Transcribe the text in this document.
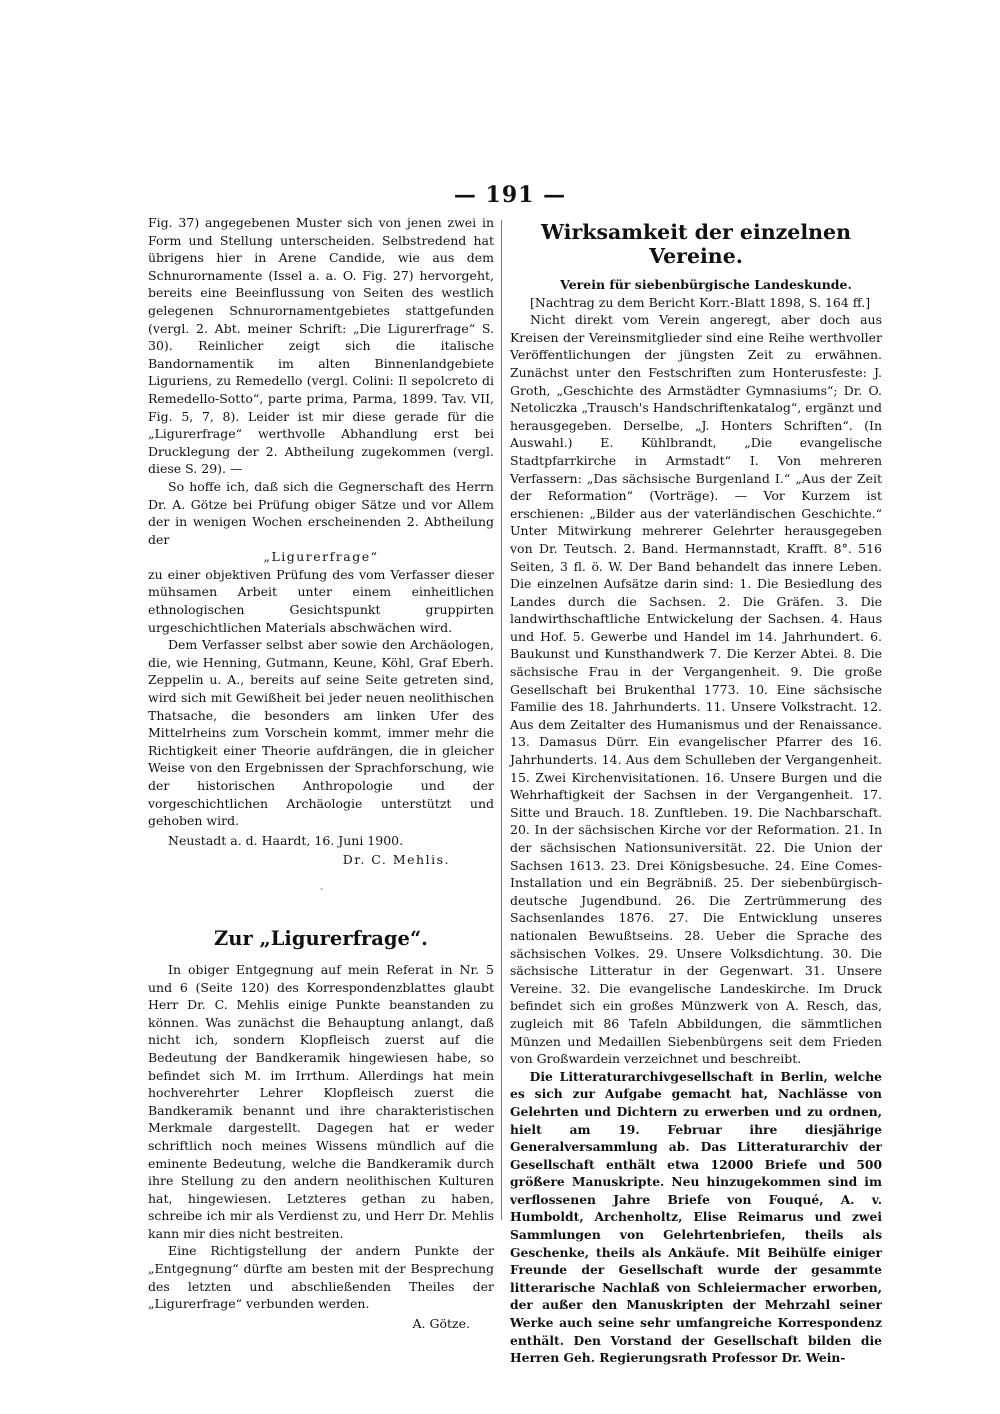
— 191 —

Fig. 37) angegebenen Muster sich von jenen zwei in Form und Stellung unterscheiden. Selbstredend hat übrigens hier in Arene Candide, wie aus dem Schnurornamente (Issel a. a. O. Fig. 27) hervorgeht, bereits eine Beeinflussung von Seiten des westlich gelegenen Schnurornamentgebietes stattgefunden (vergl. 2. Abt. meiner Schrift: „Die Ligurerfrage“ S. 30). Reinlicher zeigt sich die italische Bandornamentik im alten Binnenlandgebiete Liguriens, zu Remedello (vergl. Colini: Il sepolcreto di Remedello-Sotto“, parte prima, Parma, 1899. Tav. VII, Fig. 5, 7, 8). Leider ist mir diese gerade für die „Ligurerfrage“ werthvolle Abhandlung erst bei Drucklegung der 2. Abtheilung zugekommen (vergl. diese S. 29). —

So hoffe ich, daß sich die Gegnerschaft des Herrn Dr. A. Götze bei Prüfung obiger Sätze und vor Allem der in wenigen Wochen erscheinenden 2. Abtheilung der

„Ligurerfrage“

zu einer objektiven Prüfung des vom Verfasser dieser mühsamen Arbeit unter einem einheitlichen ethnologischen Gesichtspunkt gruppirten urgeschichtlichen Materials abschwächen wird.

Dem Verfasser selbst aber sowie den Archäologen, die, wie Henning, Gutmann, Keune, Köhl, Graf Eberh. Zeppelin u. A., bereits auf seine Seite getreten sind, wird sich mit Gewißheit bei jeder neuen neolithischen Thatsache, die besonders am linken Ufer des Mittelrheins zum Vorschein kommt, immer mehr die Richtigkeit einer Theorie aufdrängen, die in gleicher Weise von den Ergebnissen der Sprachforschung, wie der historischen Anthropologie und der vorgeschichtlichen Archäologie unterstützt und gehoben wird.

Neustadt a. d. Haardt, 16. Juni 1900.

Dr. C. Mehlis.

ˊ
Zur „Ligurerfrage“.

In obiger Entgegnung auf mein Referat in Nr. 5 und 6 (Seite 120) des Korrespondenzblattes glaubt Herr Dr. C. Mehlis einige Punkte beanstanden zu können. Was zunächst die Behauptung anlangt, daß nicht ich, sondern Klopfleisch zuerst auf die Bedeutung der Bandkeramik hingewiesen habe, so befindet sich M. im Irrthum. Allerdings hat mein hochverehrter Lehrer Klopfleisch zuerst die Bandkeramik benannt und ihre charakteristischen Merkmale dargestellt. Dagegen hat er weder schriftlich noch meines Wissens mündlich auf die eminente Bedeutung, welche die Bandkeramik durch ihre Stellung zu den andern neolithischen Kulturen hat, hingewiesen. Letzteres gethan zu haben, schreibe ich mir als Verdienst zu, und Herr Dr. Mehlis kann mir dies nicht bestreiten.

Eine Richtigstellung der andern Punkte der „Entgegnung“ dürfte am besten mit der Besprechung des letzten und abschließenden Theiles der „Ligurerfrage“ verbunden werden.

A. Götze.

Wirksamkeit der einzelnen Vereine.

Verein für siebenbürgische Landeskunde.

[Nachtrag zu dem Bericht Korr.-Blatt 1898, S. 164 ff.]

Nicht direkt vom Verein angeregt, aber doch aus Kreisen der Vereinsmitglieder sind eine Reihe werthvoller Veröffentlichungen der jüngsten Zeit zu erwähnen. Zunächst unter den Festschriften zum Honterusfeste: J. Groth, „Geschichte des Armstädter Gymnasiums“; Dr. O. Netoliczka „Trausch's Handschriftenkatalog“, ergänzt und herausgegeben. Derselbe, „J. Honters Schriften“. (In Auswahl.) E. Kühlbrandt, „Die evangelische Stadtpfarrkirche in Armstadt“ I. Von mehreren Verfassern: „Das sächsische Burgenland I.“ „Aus der Zeit der Reformation“ (Vorträge). — Vor Kurzem ist erschienen: „Bilder aus der vaterländischen Geschichte.“ Unter Mitwirkung mehrerer Gelehrter herausgegeben von Dr. Teutsch. 2. Band. Hermannstadt, Krafft. 8°. 516 Seiten, 3 fl. ö. W. Der Band behandelt das innere Leben. Die einzelnen Aufsätze darin sind: 1. Die Besiedlung des Landes durch die Sachsen. 2. Die Gräfen. 3. Die landwirthschaftliche Entwickelung der Sachsen. 4. Haus und Hof. 5. Gewerbe und Handel im 14. Jahrhundert. 6. Baukunst und Kunsthandwerk 7. Die Kerzer Abtei. 8. Die sächsische Frau in der Vergangenheit. 9. Die große Gesellschaft bei Brukenthal 1773. 10. Eine sächsische Familie des 18. Jahrhunderts. 11. Unsere Volkstracht. 12. Aus dem Zeitalter des Humanismus und der Renaissance. 13. Damasus Dürr. Ein evangelischer Pfarrer des 16. Jahrhunderts. 14. Aus dem Schulleben der Vergangenheit. 15. Zwei Kirchenvisitationen. 16. Unsere Burgen und die Wehrhaftigkeit der Sachsen in der Vergangenheit. 17. Sitte und Brauch. 18. Zunftleben. 19. Die Nachbarschaft. 20. In der sächsischen Kirche vor der Reformation. 21. In der sächsischen Nationsuniversität. 22. Die Union der Sachsen 1613. 23. Drei Königsbesuche. 24. Eine Comes-Installation und ein Begräbniß. 25. Der siebenbürgisch-deutsche Jugendbund. 26. Die Zertrümmerung des Sachsenlandes 1876. 27. Die Entwicklung unseres nationalen Bewußtseins. 28. Ueber die Sprache des sächsischen Volkes. 29. Unsere Volksdichtung. 30. Die sächsische Litteratur in der Gegenwart. 31. Unsere Vereine. 32. Die evangelische Landeskirche. Im Druck befindet sich ein großes Münzwerk von A. Resch, das, zugleich mit 86 Tafeln Abbildungen, die sämmtlichen Münzen und Medaillen Siebenbürgens seit dem Frieden von Großwardein verzeichnet und beschreibt.

Die Litteraturarchivgesellschaft in Berlin, welche es sich zur Aufgabe gemacht hat, Nachlässe von Gelehrten und Dichtern zu erwerben und zu ordnen, hielt am 19. Februar ihre diesjährige Generalversammlung ab. Das Litteraturarchiv der Gesellschaft enthält etwa 12000 Briefe und 500 größere Manuskripte. Neu hinzugekommen sind im verflossenen Jahre Briefe von Fouqué, A. v. Humboldt, Archenholtz, Elise Reimarus und zwei Sammlungen von Gelehrtenbriefen, theils als Geschenke, theils als Ankäufe. Mit Beihülfe einiger Freunde der Gesellschaft wurde der gesammte litterarische Nachlaß von Schleiermacher erworben, der außer den Manuskripten der Mehrzahl seiner Werke auch seine sehr umfangreiche Korrespondenz enthält. Den Vorstand der Gesellschaft bilden die Herren Geh. Regierungsrath Professor Dr. Wein-
